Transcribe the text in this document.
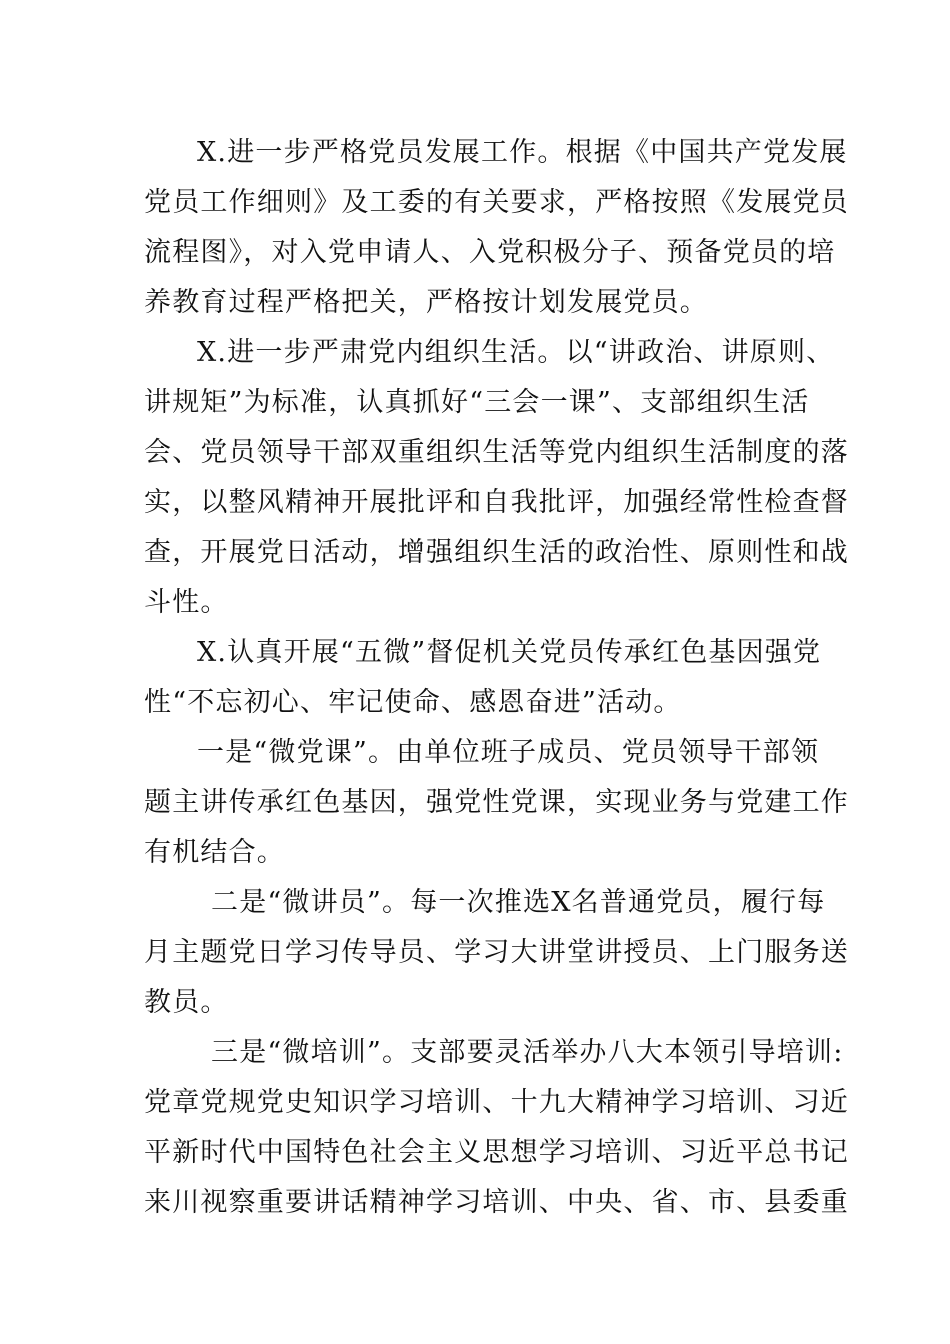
X.进一步严格党员发展工作。根据《中国共产党发展
党员工作细则》及工委的有关要求，严格按照《发展党员
流程图》，对入党申请人、入党积极分子、预备党员的培
养教育过程严格把关，严格按计划发展党员。
X.进一步严肃党内组织生活。以“讲政治、讲原则、
讲规矩”为标准，认真抓好“三会一课”、支部组织生活
会、党员领导干部双重组织生活等党内组织生活制度的落
实，以整风精神开展批评和自我批评，加强经常性检查督
查，开展党日活动，增强组织生活的政治性、原则性和战
斗性。
X.认真开展“五微”督促机关党员传承红色基因强党
性“不忘初心、牢记使命、感恩奋进”活动。
一是“微党课”。由单位班子成员、党员领导干部领
题主讲传承红色基因，强党性党课，实现业务与党建工作
有机结合。
二是“微讲员”。每一次推选X名普通党员，履行每
月主题党日学习传导员、学习大讲堂讲授员、上门服务送
教员。
三是“微培训”。支部要灵活举办八大本领引导培训:
党章党规党史知识学习培训、十九大精神学习培训、习近
平新时代中国特色社会主义思想学习培训、习近平总书记
来川视察重要讲话精神学习培训、中央、省、市、县委重
